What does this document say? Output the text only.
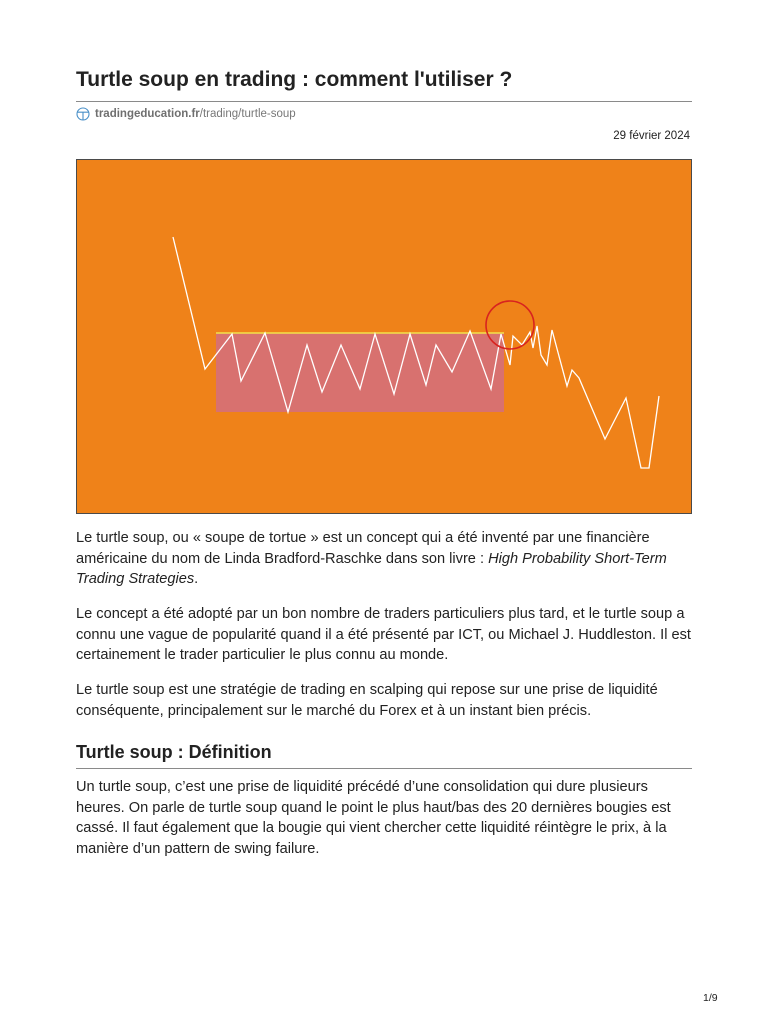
Turtle soup en trading : comment l'utiliser ?
tradingeducation.fr /trading/turtle-soup
29 février 2024

Le turtle soup, ou « soupe de tortue » est un concept qui a été inventé par une financière américaine du nom de Linda Bradford-Raschke dans son livre : High Probability Short-Term Trading Strategies.

Le concept a été adopté par un bon nombre de traders particuliers plus tard, et le turtle soup a connu une vague de popularité quand il a été présenté par ICT, ou Michael J. Huddleston. Il est certainement le trader particulier le plus connu au monde.

Le turtle soup est une stratégie de trading en scalping qui repose sur une prise de liquidité conséquente, principalement sur le marché du Forex et à un instant bien précis.

Turtle soup : Définition

Un turtle soup, c’est une prise de liquidité précédé d’une consolidation qui dure plusieurs heures. On parle de turtle soup quand le point le plus haut/bas des 20 dernières bougies est cassé. Il faut également que la bougie qui vient chercher cette liquidité réintègre le prix, à la manière d’un pattern de swing failure.

1/9
